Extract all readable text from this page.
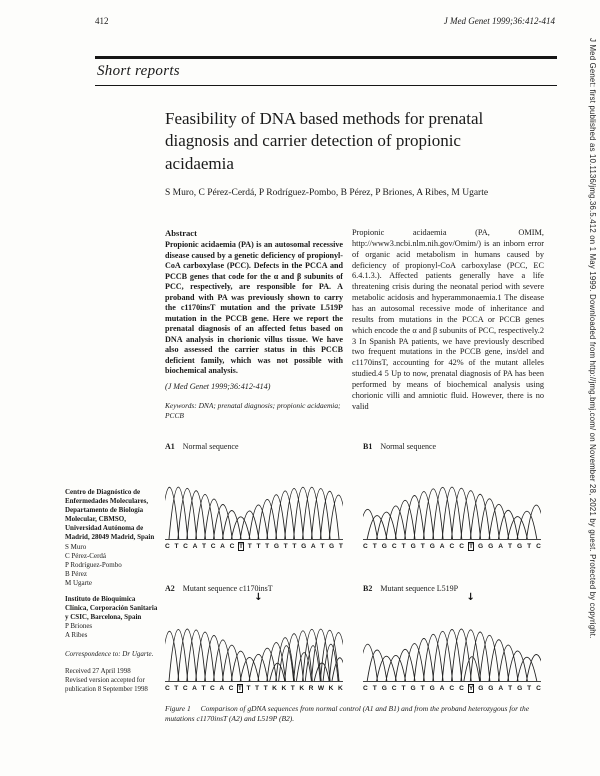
412	J Med Genet 1999;36:412-414
Short reports
Feasibility of DNA based methods for prenatal diagnosis and carrier detection of propionic acidaemia
S Muro, C Pérez-Cerdá, P Rodríguez-Pombo, B Pérez, P Briones, A Ribes, M Ugarte
Abstract
Propionic acidaemia (PA) is an autosomal recessive disease caused by a genetic deficiency of propionyl-CoA carboxylase (PCC). Defects in the PCCA and PCCB genes that code for the α and β subunits of PCC, respectively, are responsible for PA. A proband with PA was previously shown to carry the c1170insT mutation and the private L519P mutation in the PCCB gene. Here we report the prenatal diagnosis of an affected fetus based on DNA analysis in chorionic villus tissue. We have also assessed the carrier status in this PCCB deficient family, which was not possible with biochemical analysis.
(J Med Genet 1999;36:412-414)
Keywords: DNA; prenatal diagnosis; propionic acidaemia; PCCB
Propionic acidaemia (PA, OMIM, http://www3.ncbi.nlm.nih.gov/Omim/) is an inborn error of organic acid metabolism in humans caused by deficiency of propionyl-CoA carboxylase (PCC, EC 6.4.1.3.). Affected patients generally have a life threatening crisis during the neonatal period with severe metabolic acidosis and hyperammonaemia.1 The disease has an autosomal recessive mode of inheritance and results from mutations in the PCCA or PCCB genes which encode the α and β subunits of PCC, respectively.2 3 In Spanish PA patients, we have previously described two frequent mutations in the PCCB gene, ins/del and c1170insT, accounting for 42% of the mutant alleles studied.4 5 Up to now, prenatal diagnosis of PA has been performed by means of biochemical analysis using chorionic villi and amniotic fluid. However, there is no valid
Centro de Diagnóstico de Enfermedades Moleculares, Departamento de Biología Molecular, CBMSO, Universidad Autónoma de Madrid, 28049 Madrid, Spain
S Muro
C Pérez-Cerdá
P Rodríguez-Pombo
B Pérez
M Ugarte
Instituto de Bioquímica Clínica, Corporación Sanitaria y CSIC, Barcelona, Spain
P Briones
A Ribes
Correspondence to: Dr Ugarte.
Received 27 April 1998
Revised version accepted for publication 8 September 1998
A1 Normal sequence
C T C A T C A C T T T T G T T G A T G T
B1 Normal sequence
C T G C T G T G A C C T G G A T G T C
A2 Mutant sequence c1170insT
↓
C T C A T C A C T T T T K K T K R W K K
B2 Mutant sequence L519P
↓
C T G C T G T G A C C Y G G A T G T C
Figure 1 Comparison of gDNA sequences from normal control (A1 and B1) and from the proband heterozygous for the mutations c1170insT (A2) and L519P (B2).
J Med Genet: first published as 10.1136/jmg.36.5.412 on 1 May 1999. Downloaded from http://jmg.bmj.com/ on November 28, 2021 by guest. Protected by copyright.
